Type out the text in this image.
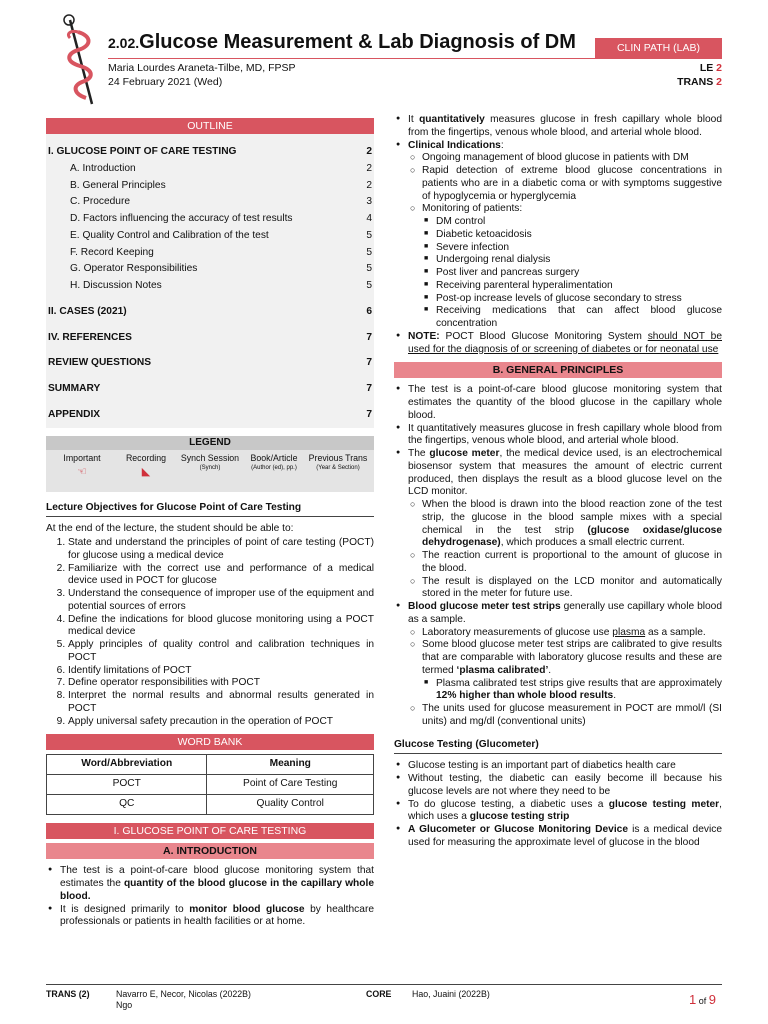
2.02.Glucose Measurement & Lab Diagnosis of DM	CLIN PATH (LAB)
Maria Lourdes Araneta-Tilbe, MD, FPSP
24 February 2021 (Wed)
LE 2
TRANS 2
OUTLINE
I. GLUCOSE POINT OF CARE TESTING	2
A. Introduction	2
B. General Principles	2
C. Procedure	3
D. Factors influencing the accuracy of test results	4
E. Quality Control and Calibration of the test	5
F. Record Keeping	5
G. Operator Responsibilities	5
H. Discussion Notes	5
II. CASES (2021)	6
IV. REFERENCES	7
REVIEW QUESTIONS	7
SUMMARY	7
APPENDIX	7
LEGEND
Important
☜
Recording
◣
Synch Session
(Synch)
Book/Article
(Author (ed), pp.)
Previous Trans
(Year & Section)
Lecture Objectives for Glucose Point of Care Testing

At the end of the lecture, the student should be able to:

1. State and understand the principles of point of care testing (POCT) for glucose using a medical device
2. Familiarize with the correct use and performance of a medical device used in POCT for glucose
3. Understand the consequence of improper use of the equipment and potential sources of errors
4. Define the indications for blood glucose monitoring using a POCT medical device
5. Apply principles of quality control and calibration techniques in POCT
6. Identify limitations of POCT
7. Define operator responsibilities with POCT
8. Interpret the normal results and abnormal results generated in POCT
9. Apply universal safety precaution in the operation of POCT
WORD BANK
Word/Abbreviation	Meaning
POCT	Point of Care Testing
QC	Quality Control
I. GLUCOSE POINT OF CARE TESTING
A. INTRODUCTION
● The test is a point-of-care blood glucose monitoring system that estimates the quantity of the blood glucose in the capillary whole blood.
● It is designed primarily to monitor blood glucose by healthcare professionals or patients in health facilities or at home.
● It quantitatively measures glucose in fresh capillary whole blood from the fingertips, venous whole blood, and arterial whole blood.
● Clinical Indications:
○ Ongoing management of blood glucose in patients with DM
○ Rapid detection of extreme blood glucose concentrations in patients who are in a diabetic coma or with symptoms suggestive of hypoglycemia or hyperglycemia
○ Monitoring of patients:
■ DM control
■ Diabetic ketoacidosis
■ Severe infection
■ Undergoing renal dialysis
■ Post liver and pancreas surgery
■ Receiving parenteral hyperalimentation
■ Post-op increase levels of glucose secondary to stress
■ Receiving medications that can affect blood glucose concentration
● NOTE: POCT Blood Glucose Monitoring System should NOT be used for the diagnosis of or screening of diabetes or for neonatal use
B. GENERAL PRINCIPLES
● The test is a point-of-care blood glucose monitoring system that estimates the quantity of the blood glucose in the capillary whole blood.
● It quantitatively measures glucose in fresh capillary whole blood from the fingertips, venous whole blood, and arterial whole blood.
● The glucose meter, the medical device used, is an electrochemical biosensor system that measures the amount of electric current produced, then displays the result as a blood glucose level on the LCD monitor.
○ When the blood is drawn into the blood reaction zone of the test strip, the glucose in the blood sample mixes with a special chemical in the test strip (glucose oxidase/glucose dehydrogenase), which produces a small electric current.
○ The reaction current is proportional to the amount of glucose in the blood.
○ The result is displayed on the LCD monitor and automatically stored in the meter for future use.
● Blood glucose meter test strips generally use capillary whole blood as a sample.
○ Laboratory measurements of glucose use plasma as a sample.
○ Some blood glucose meter test strips are calibrated to give results that are comparable with laboratory glucose results and these are termed ‘plasma calibrated’.
■ Plasma calibrated test strips give results that are approximately 12% higher than whole blood results.
○ The units used for glucose measurement in POCT are mmol/l (SI units) and mg/dl (conventional units)
Glucose Testing (Glucometer)
● Glucose testing is an important part of diabetics health care
● Without testing, the diabetic can easily become ill because his glucose levels are not where they need to be
● To do glucose testing, a diabetic uses a glucose testing meter, which uses a glucose testing strip
● A Glucometer or Glucose Monitoring Device is a medical device used for measuring the approximate level of glucose in the blood
TRANS (2)	Navarro E, Necor, Nicolas (2022B)
Ngo
CORE Hao, Juaini (2022B)	1 of 9
